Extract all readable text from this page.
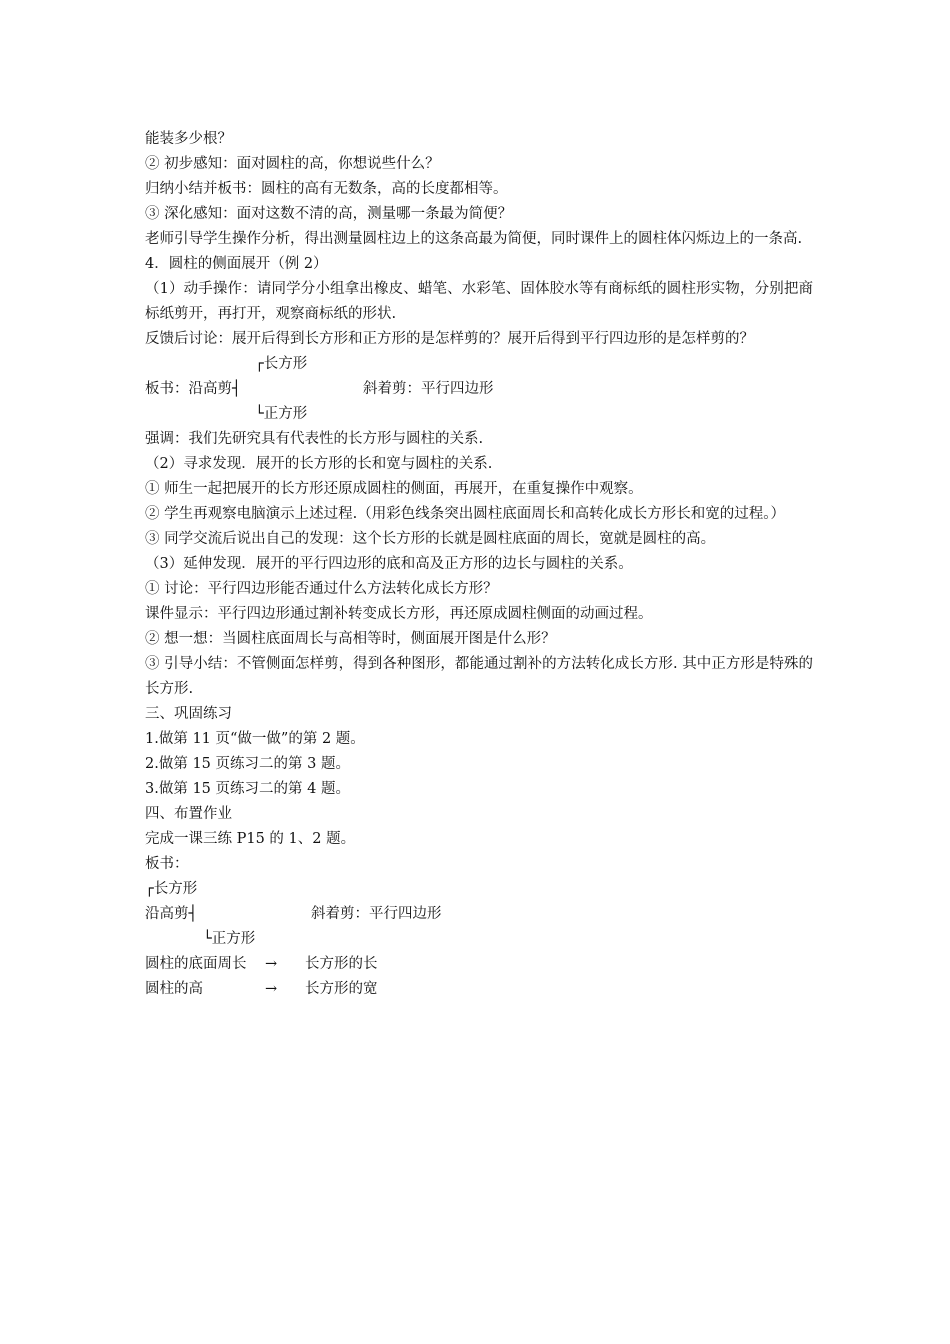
能装多少根？
② 初步感知：面对圆柱的高，你想说些什么？
归纳小结并板书：圆柱的高有无数条，高的长度都相等。
③ 深化感知：面对这数不清的高，测量哪一条最为简便？
老师引导学生操作分析，得出测量圆柱边上的这条高最为简便，同时课件上的圆柱体闪烁边上的一条高.
4．圆柱的侧面展开（例 2）
（1）动手操作：请同学分小组拿出橡皮、蜡笔、水彩笔、固体胶水等有商标纸的圆柱形实物，分别把商标纸剪开，再打开，观察商标纸的形状.
反馈后讨论：展开后得到长方形和正方形的是怎样剪的？展开后得到平行四边形的是怎样剪的？
┌长方形
板书：沿高剪┤	斜着剪：平行四边形
└正方形
强调：我们先研究具有代表性的长方形与圆柱的关系.
（2）寻求发现．展开的长方形的长和宽与圆柱的关系.
① 师生一起把展开的长方形还原成圆柱的侧面，再展开，在重复操作中观察。
② 学生再观察电脑演示上述过程.（用彩色线条突出圆柱底面周长和高转化成长方形长和宽的过程。）
③ 同学交流后说出自己的发现：这个长方形的长就是圆柱底面的周长，宽就是圆柱的高。
（3）延伸发现．展开的平行四边形的底和高及正方形的边长与圆柱的关系。
① 讨论：平行四边形能否通过什么方法转化成长方形？
课件显示：平行四边形通过割补转变成长方形，再还原成圆柱侧面的动画过程。
② 想一想：当圆柱底面周长与高相等时，侧面展开图是什么形？
③ 引导小结：不管侧面怎样剪，得到各种图形，都能通过割补的方法转化成长方形. 其中正方形是特殊的长方形.
三、巩固练习
1.做第 11 页“做一做”的第 2 题。
2.做第 15 页练习二的第 3 题。
3.做第 15 页练习二的第 4 题。
四、布置作业
完成一课三练 P15 的 1、2 题。
板书：
┌长方形
沿高剪┤	斜着剪：平行四边形
└正方形
圆柱的底面周长 → 长方形的长
圆柱的高	→ 长方形的宽
